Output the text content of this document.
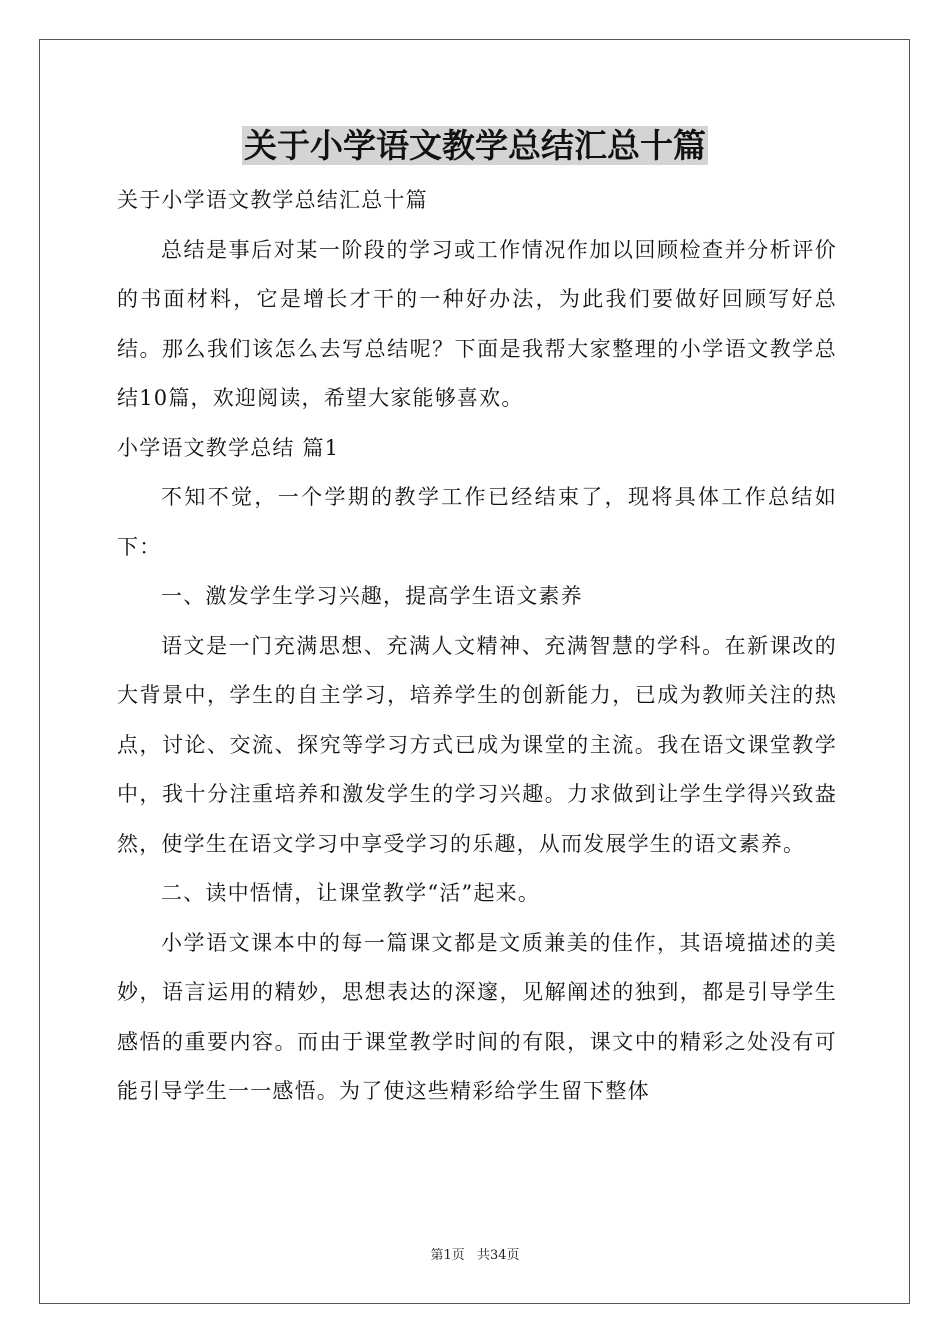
关于小学语文教学总结汇总十篇

关于小学语文教学总结汇总十篇

总结是事后对某一阶段的学习或工作情况作加以回顾检查并分析评价的书面材料，它是增长才干的一种好办法，为此我们要做好回顾写好总结。那么我们该怎么去写总结呢？下面是我帮大家整理的小学语文教学总结10篇，欢迎阅读，希望大家能够喜欢。

小学语文教学总结 篇1

不知不觉，一个学期的教学工作已经结束了，现将具体工作总结如下：

一、激发学生学习兴趣，提高学生语文素养

语文是一门充满思想、充满人文精神、充满智慧的学科。在新课改的大背景中，学生的自主学习，培养学生的创新能力，已成为教师关注的热点，讨论、交流、探究等学习方式已成为课堂的主流。我在语文课堂教学中，我十分注重培养和激发学生的学习兴趣。力求做到让学生学得兴致盎然，使学生在语文学习中享受学习的乐趣，从而发展学生的语文素养。

二、读中悟情，让课堂教学“活”起来。

小学语文课本中的每一篇课文都是文质兼美的佳作，其语境描述的美妙，语言运用的精妙，思想表达的深邃，见解阐述的独到，都是引导学生感悟的重要内容。而由于课堂教学时间的有限，课文中的精彩之处没有可能引导学生一一感悟。为了使这些精彩给学生留下整体

第1页 共34页
